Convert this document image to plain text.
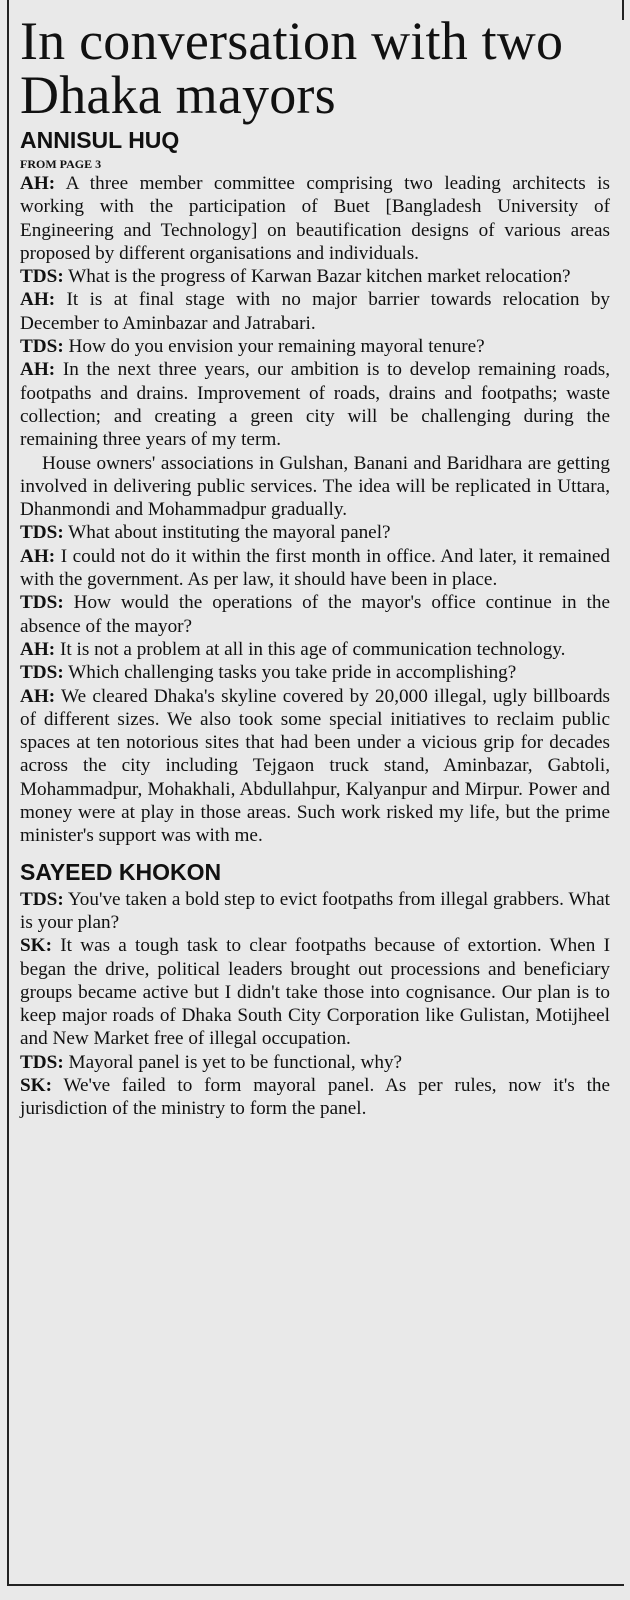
In conversation with two Dhaka mayors
ANNISUL HUQ
FROM PAGE 3

AH: A three member committee comprising two leading architects is working with the participation of Buet [Bangladesh University of Engineering and Technology] on beautification designs of various areas proposed by different organisations and individuals.

TDS: What is the progress of Karwan Bazar kitchen market relocation?

AH: It is at final stage with no major barrier towards relocation by December to Aminbazar and Jatrabari.

TDS: How do you envision your remaining mayoral tenure?

AH: In the next three years, our ambition is to develop remaining roads, footpaths and drains. Improvement of roads, drains and footpaths; waste collection; and creating a green city will be challenging during the remaining three years of my term.

House owners' associations in Gulshan, Banani and Baridhara are getting involved in delivering public services. The idea will be replicated in Uttara, Dhanmondi and Mohammadpur gradually.

TDS: What about instituting the mayoral panel?

AH: I could not do it within the first month in office. And later, it remained with the government. As per law, it should have been in place.

TDS: How would the operations of the mayor's office continue in the absence of the mayor?

AH: It is not a problem at all in this age of communication technology.

TDS: Which challenging tasks you take pride in accomplishing?

AH: We cleared Dhaka's skyline covered by 20,000 illegal, ugly billboards of different sizes. We also took some special initiatives to reclaim public spaces at ten notorious sites that had been under a vicious grip for decades across the city including Tejgaon truck stand, Aminbazar, Gabtoli, Mohammadpur, Mohakhali, Abdullahpur, Kalyanpur and Mirpur. Power and money were at play in those areas. Such work risked my life, but the prime minister's support was with me.

SAYEED KHOKON

TDS: You've taken a bold step to evict footpaths from illegal grabbers. What is your plan?

SK: It was a tough task to clear footpaths because of extortion. When I began the drive, political leaders brought out processions and beneficiary groups became active but I didn't take those into cognisance. Our plan is to keep major roads of Dhaka South City Corporation like Gulistan, Motijheel and New Market free of illegal occupation.

TDS: Mayoral panel is yet to be functional, why?

SK: We've failed to form mayoral panel. As per rules, now it's the jurisdiction of the ministry to form the panel.
